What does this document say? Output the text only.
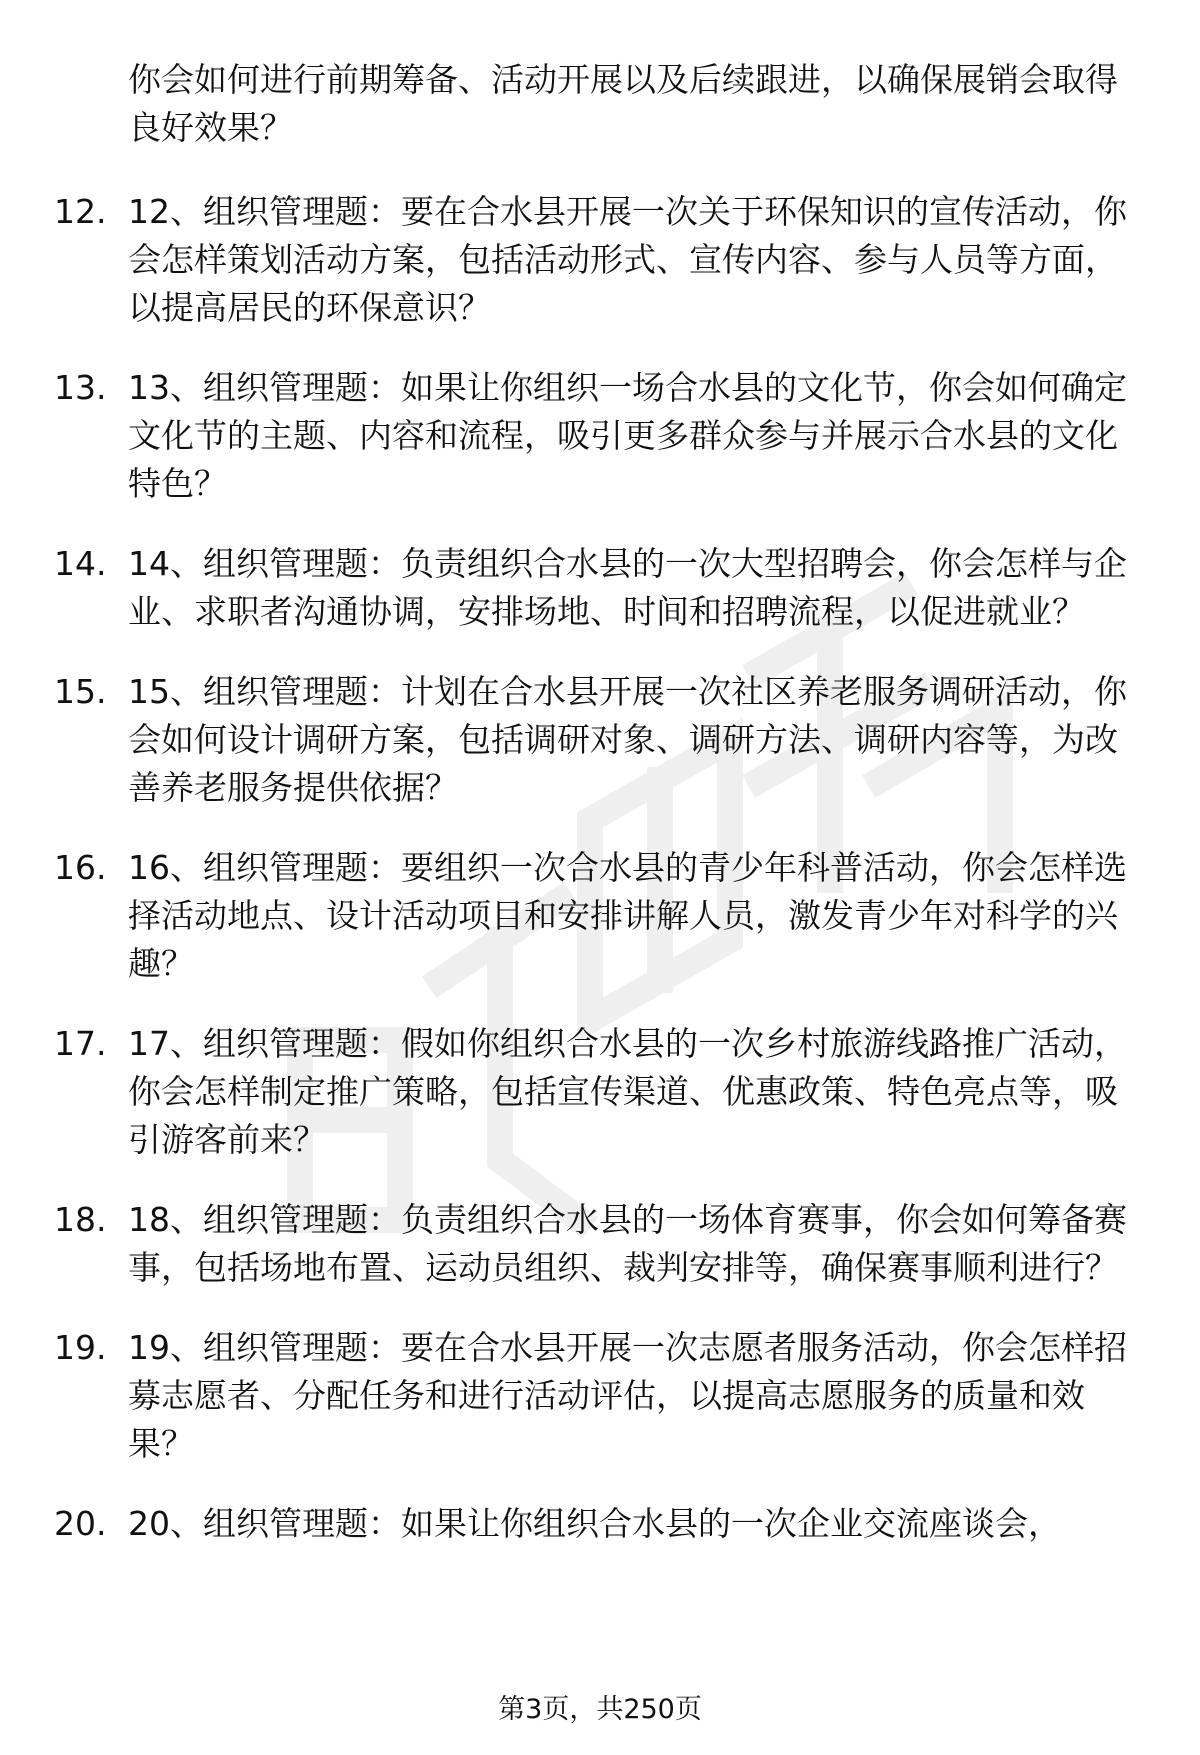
你会如何进行前期筹备、活动开展以及后续跟进，以确保展销会取得良好效果？

12. 12、组织管理题：要在合水县开展一次关于环保知识的宣传活动，你会怎样策划活动方案，包括活动形式、宣传内容、参与人员等方面，以提高居民的环保意识？
13. 13、组织管理题：如果让你组织一场合水县的文化节，你会如何确定文化节的主题、内容和流程，吸引更多群众参与并展示合水县的文化特色？
14. 14、组织管理题：负责组织合水县的一次大型招聘会，你会怎样与企业、求职者沟通协调，安排场地、时间和招聘流程，以促进就业？
15. 15、组织管理题：计划在合水县开展一次社区养老服务调研活动，你会如何设计调研方案，包括调研对象、调研方法、调研内容等，为改善养老服务提供依据？
16. 16、组织管理题：要组织一次合水县的青少年科普活动，你会怎样选择活动地点、设计活动项目和安排讲解人员，激发青少年对科学的兴趣？
17. 17、组织管理题：假如你组织合水县的一次乡村旅游线路推广活动，你会怎样制定推广策略，包括宣传渠道、优惠政策、特色亮点等，吸引游客前来？
18. 18、组织管理题：负责组织合水县的一场体育赛事，你会如何筹备赛事，包括场地布置、运动员组织、裁判安排等，确保赛事顺利进行？
19. 19、组织管理题：要在合水县开展一次志愿者服务活动，你会怎样招募志愿者、分配任务和进行活动评估，以提高志愿服务的质量和效果？
20. 20、组织管理题：如果让你组织合水县的一次企业交流座谈会，
第3页，共250页
